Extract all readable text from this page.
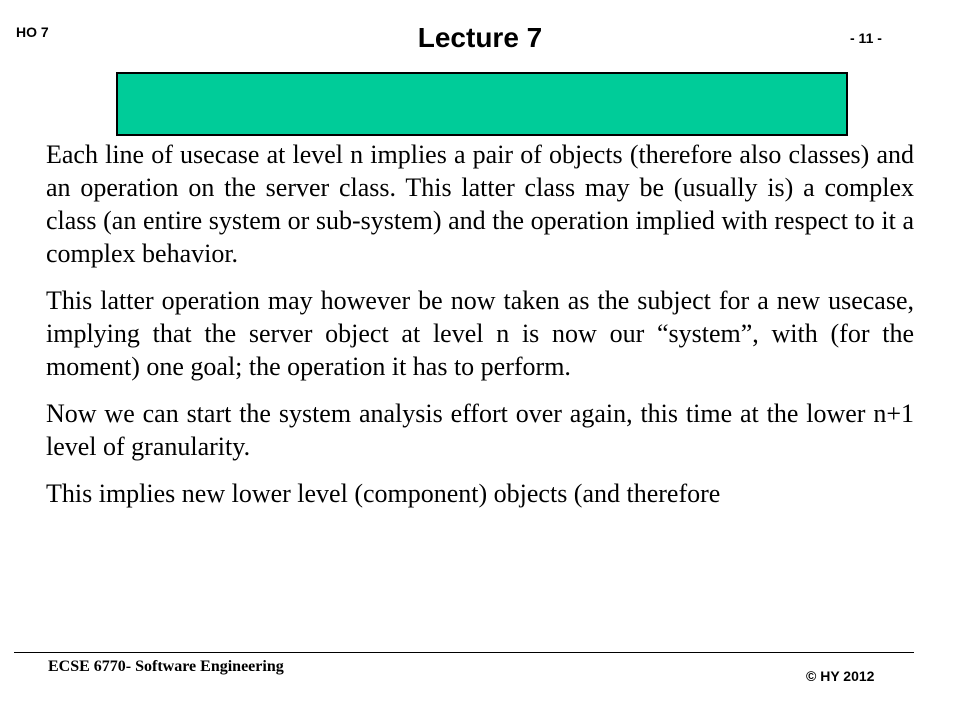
HO 7	Lecture 7	- 11 -

Each line of usecase at level n implies a pair of objects (therefore also classes) and an operation on the server class. This latter class may be (usually is) a complex class (an entire system or sub-system) and the operation implied with respect to it a complex behavior.

This latter operation may however be now taken as the subject for a new usecase, implying that the server object at level n is now our “system”, with (for the moment) one goal; the operation it has to perform.

Now we can start the system analysis effort over again, this time at the lower n+1 level of granularity.

This implies new lower level (component) objects (and therefore

ECSE 6770- Software Engineering
© HY 2012
